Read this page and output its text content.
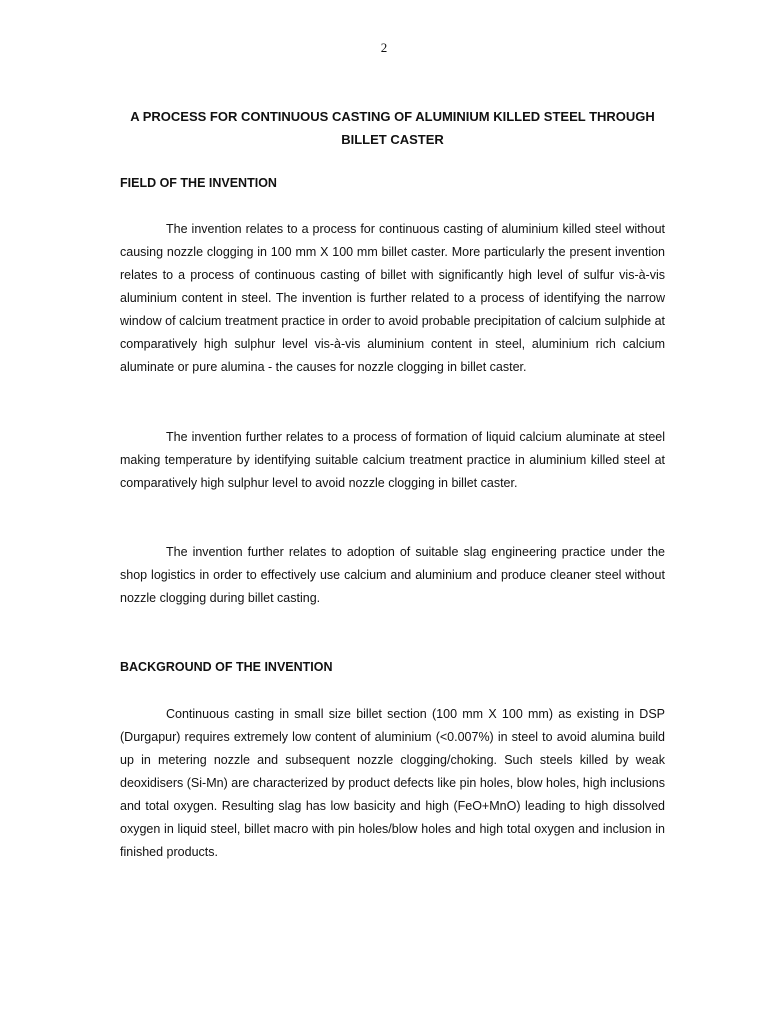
2
A PROCESS FOR CONTINUOUS CASTING OF ALUMINIUM KILLED STEEL THROUGH BILLET CASTER
FIELD OF THE INVENTION

The invention relates to a process for continuous casting of aluminium killed steel without causing nozzle clogging in 100 mm X 100 mm billet caster. More particularly the present invention relates to a process of continuous casting of billet with significantly high level of sulfur vis-à-vis aluminium content in steel. The invention is further related to a process of identifying the narrow window of calcium treatment practice in order to avoid probable precipitation of calcium sulphide at comparatively high sulphur level vis-à-vis aluminium content in steel, aluminium rich calcium aluminate or pure alumina - the causes for nozzle clogging in billet caster.

The invention further relates to a process of formation of liquid calcium aluminate at steel making temperature by identifying suitable calcium treatment practice in aluminium killed steel at comparatively high sulphur level to avoid nozzle clogging in billet caster.

The invention further relates to adoption of suitable slag engineering practice under the shop logistics in order to effectively use calcium and aluminium and produce cleaner steel without nozzle clogging during billet casting.

BACKGROUND OF THE INVENTION

Continuous casting in small size billet section (100 mm X 100 mm) as existing in DSP (Durgapur) requires extremely low content of aluminium (<0.007%) in steel to avoid alumina build up in metering nozzle and subsequent nozzle clogging/choking. Such steels killed by weak deoxidisers (Si-Mn) are characterized by product defects like pin holes, blow holes, high inclusions and total oxygen. Resulting slag has low basicity and high (FeO+MnO) leading to high dissolved oxygen in liquid steel, billet macro with pin holes/blow holes and high total oxygen and inclusion in finished products.
